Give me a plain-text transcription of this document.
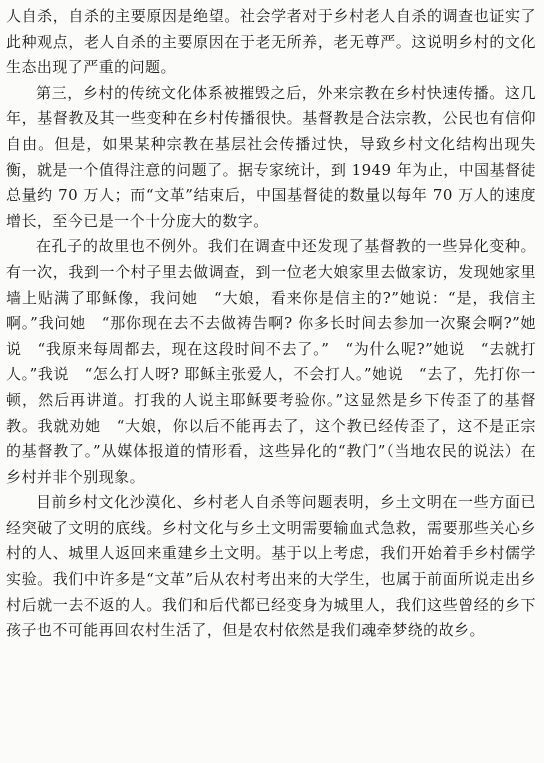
人自杀，自杀的主要原因是绝望。社会学者对于乡村老人自杀的调查也证实了此种观点，老人自杀的主要原因在于老无所养，老无尊严。这说明乡村的文化生态出现了严重的问题。

第三，乡村的传统文化体系被摧毁之后，外来宗教在乡村快速传播。这几年，基督教及其一些变种在乡村传播很快。基督教是合法宗教，公民也有信仰自由。但是，如果某种宗教在基层社会传播过快，导致乡村文化结构出现失衡，就是一个值得注意的问题了。据专家统计，到 1949 年为止，中国基督徒总量约 70 万人；而“文革”结束后，中国基督徒的数量以每年 70 万人的速度增长，至今已是一个十分庞大的数字。

在孔子的故里也不例外。我们在调查中还发现了基督教的一些异化变种。有一次，我到一个村子里去做调查，到一位老大娘家里去做家访，发现她家里墙上贴满了耶稣像，我问她　“大娘，看来你是信主的?”她说：“是，我信主啊。”我问她　“那你现在去不去做祷告啊? 你多长时间去参加一次聚会啊?”她说　“我原来每周都去，现在这段时间不去了。”　“为什么呢?”她说　“去就打人。”我说　“怎么打人呀? 耶稣主张爱人，不会打人。”她说　“去了，先打你一顿，然后再讲道。打我的人说主耶稣要考验你。”这显然是乡下传歪了的基督教。我就劝她　“大娘，你以后不能再去了，这个教已经传歪了，这不是正宗的基督教了。”从媒体报道的情形看，这些异化的“教门”（当地农民的说法）在乡村并非个别现象。

目前乡村文化沙漠化、乡村老人自杀等问题表明，乡土文明在一些方面已经突破了文明的底线。乡村文化与乡土文明需要输血式急救，需要那些关心乡村的人、城里人返回来重建乡土文明。基于以上考虑，我们开始着手乡村儒学实验。我们中许多是“文革”后从农村考出来的大学生，也属于前面所说走出乡村后就一去不返的人。我们和后代都已经变身为城里人，我们这些曾经的乡下孩子也不可能再回农村生活了，但是农村依然是我们魂牵梦绕的故乡。
